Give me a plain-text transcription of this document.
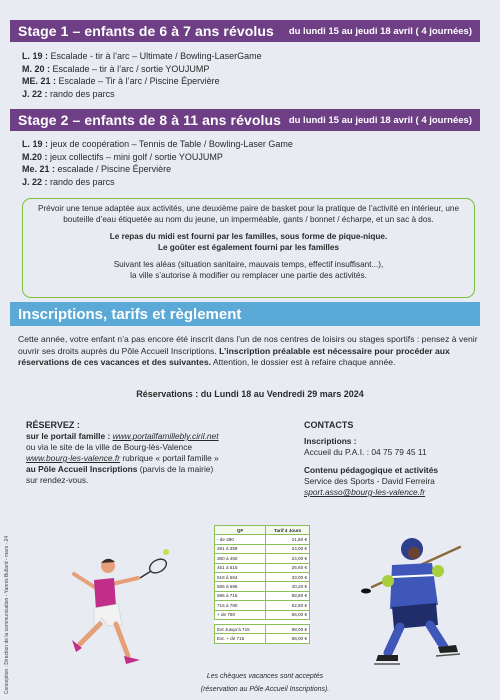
Stage 1 – enfants de 6 à 7 ans révolus du lundi 15 au jeudi 18 avril ( 4 journées)
L. 19 : Escalade - tir à l’arc – Ultimate / Bowling-LaserGame
M. 20 : Escalade – tir à l’arc / sortie YOUJUMP
ME. 21 : Escalade – Tir à l’arc / Piscine Épervière
J. 22 : rando des parcs
Stage 2 – enfants de 8 à 11 ans révolus du lundi 15 au jeudi 18 avril ( 4 journées)
L. 19 : jeux de coopération – Tennis de Table / Bowling-Laser Game
M.20 : jeux collectifs – mini golf / sortie YOUJUMP
Me. 21 : escalade / Piscine Épervière
J. 22 : rando des parcs

Prévoir une tenue adaptée aux activités, une deuxième paire de basket pour la pratique de l’activité en intérieur, une bouteille d’eau étiquetée au nom du jeune, un imperméable, gants / bonnet / écharpe, et un sac à dos.

Le repas du midi est fourni par les familles, sous forme de pique-nique.
Le goûter est également fourni par les familles

Suivant les aléas (situation sanitaire, mauvais temps, effectif insuffisant...),
la ville s’autorise à modifier ou remplacer une partie des activités.

Inscriptions, tarifs et règlement
Cette année, votre enfant n’a pas encore été inscrit dans l’un de nos centres de loisirs ou stages sportifs : pensez à venir ouvrir ses droits auprès du Pôle Accueil Inscriptions. L’inscription préalable est nécessaire pour procéder aux réservations de ces vacances et des suivantes. Attention, le dossier est à refaire chaque année.
Réservations : du Lundi 18 au Vendredi 29 mars 2024
RÉSERVEZ :
sur le portail famille : www.portailfamillebly.ciril.net
ou via le site de la ville de Bourg-lès-Valence
www.bourg-les-valence.fr rubrique « portail famille »
au Pôle Accueil Inscriptions (parvis de la mairie)
sur rendez-vous.
CONTACTS
Inscriptions :
Accueil du P.A.I. : 04 75 79 45 11
Contenu pédagogique et activités
Service des Sports - David Ferreira
sport.asso@bourg-les-valence.fr
QF	Tarif 4 Jours
- de 280	21,60 €
281 à 359	24,00 €
360 à 450	24,00 €
451 à 515	26,60 €
516 à 564	33,00 €
565 à 595	40,20 €
596 à 715	58,80 €
716 à 780	62,60 €
+ de 780	66,00 €

Ext Jusqu’à 715	68,00 €
Ext. + de 715	68,00 €
Les chèques vacances sont acceptés
(réservation au Pôle Accueil Inscriptions).
Conception : Direction de la communication - Yannis Bullard - mars - 24
